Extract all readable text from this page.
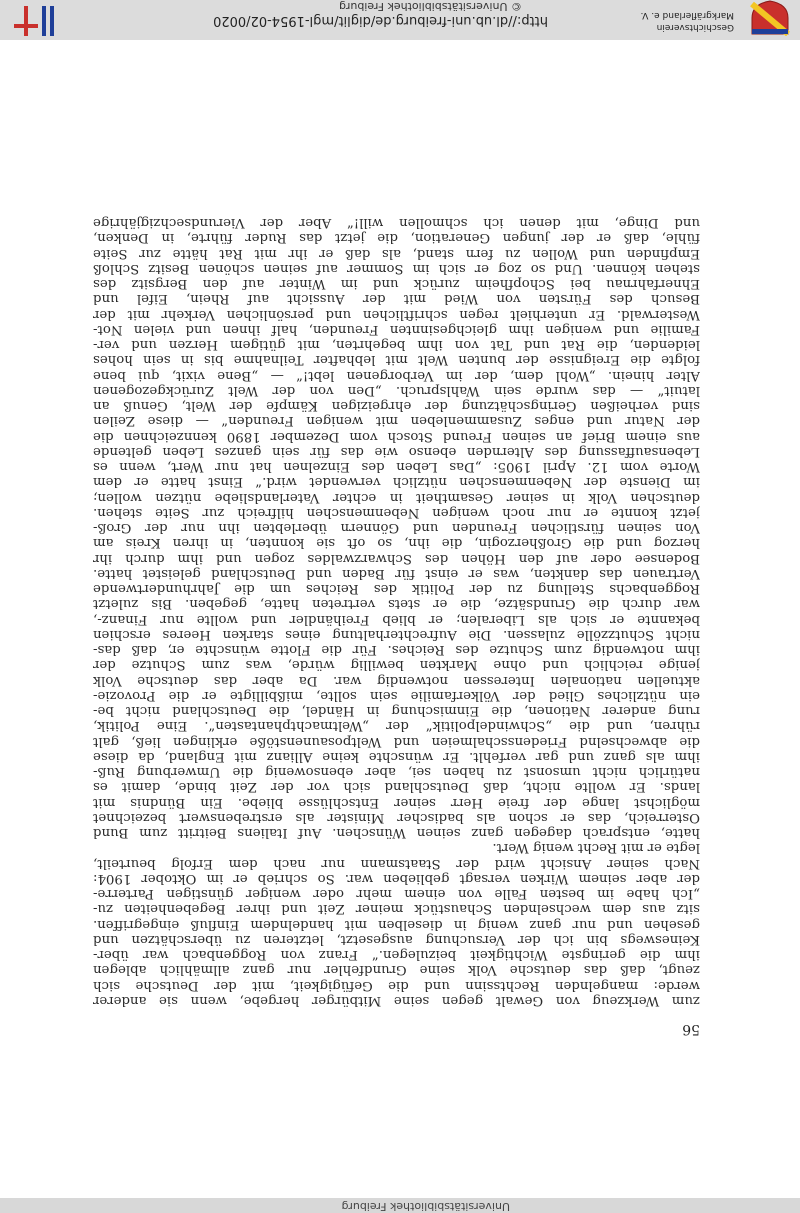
Universitätsbibliothek Freiburg
56
zum Werkzeug von Gewalt gegen seine Mitbürger hergebe, wenn sie anderer
werde: mangelnden Rechtssinn und die Gefügigkeit, mit der Deutsche sich
zeugt, daß das deutsche Volk seine Grundfehler nur ganz allmählich ablegen
ihm die geringste Wichtigkeit beizulegen.“ Franz von Roggenbach war über-
Keineswegs bin ich der Versuchung ausgesetzt, letzteren zu überschätzen und
gesehen und nur ganz wenig in dieselben mit handelndem Einfluß eingegriffen.
sitz aus dem wechselnden Schaustück meiner Zeit und ihrer Begebenheiten zu-
„Ich habe im besten Falle von einem mehr oder weniger günstigen Parterre-
der aber seinem Wirken versagt geblieben war. So schrieb er im Oktober 1904:
Nach seiner Ansicht wird der Staatsmann nur nach dem Erfolg beurteilt,
legte er mit Recht wenig Wert.
hatte, entsprach dagegen ganz seinen Wünschen. Auf Italiens Beitritt zum Bund
Österreich, das er schon als badischer Minister als erstrebenswert bezeichnet
möglichst lange der freie Herr seiner Entschlüsse bliebe. Ein Bündnis mit
lands. Er wollte nicht, daß Deutschland sich vor der Zeit binde, damit es
natürlich nicht umsonst zu haben sei, aber ebensowenig die Umwerbung Ruß-
ihm als ganz und gar verfehlt. Er wünschte keine Allianz mit England, da diese
die abwechselnd Friedensschalmeien und Weltposaunenstöße erklingen ließ, galt
rühren, und die „Schwindelpolitik“ der „Weltmachtphantasten“. Eine Politik,
rung anderer Nationen, die Einmischung in Händel, die Deutschland nicht be-
ein nützliches Glied der Völkerfamilie sein sollte, mißbilligte er die Provozie-
aktuellen nationalen Interessen notwendig war. Da aber das deutsche Volk
jenige reichlich und ohne Markten bewillig würde, was zum Schutze der
ihm notwendig zum Schutze des Reiches. Für die Flotte wünschte er, daß das-
nicht Schutzzölle zulassen. Die Aufrechterhaltung eines starken Heeres erschien
bekannte er sich als Liberalen; er blieb Freihändler und wollte nur Finanz-,
war durch die Grundsätze, die er stets vertreten hatte, gegeben. Bis zuletzt
Roggenbachs Stellung zu der Politik des Reiches um die Jahrhundertwende
Vertrauen das dankten, was er einst für Baden und Deutschland geleistet hatte.
Bodensee oder auf den Höhen des Schwarzwaldes zogen und ihm durch ihr
herzog und die Großherzogin, die ihn, so oft sie konnten, in ihren Kreis am
Von seinen fürstlichen Freunden und Gönnern überlebten ihn nur der Groß-
jetzt konnte er nur noch wenigen Nebenmenschen hilfreich zur Seite stehen.
deutschen Volk in seiner Gesamtheit in echter Vaterlandsliebe nützen wollen;
im Dienste der Nebenmenschen nützlich verwendet wird.“ Einst hatte er dem
Worte vom 12. April 1905: „Das Leben des Einzelnen hat nur Wert, wenn es
Lebensauffassung des Alternden ebenso wie das für sein ganzes Leben geltende
aus einem Brief an seinen Freund Stosch vom Dezember 1890 kennzeichnen die
der Natur und enges Zusammenleben mit wenigen Freunden“ — diese Zeilen
sind verheißen Geringschätzung der ehrgeizigen Kämpfe der Welt, Genuß an
latuit“ — das wurde sein Wahlspruch. „Den von der Welt Zurückgezogenen
Alter hinein. „Wohl dem, der im Verborgenen lebt!“ — „Bene vixit, qui bene
folgte die Ereignisse der bunten Welt mit lebhafter Teilnahme bis in sein hohes
leidenden, die Rat und Tat von ihm begehrten, mit gütigem Herzen und ver-
Familie und wenigen ihm gleichgesinnten Freunden, half ihnen und vielen Not-
Westerwald. Er unterhielt regen schriftlichen und persönlichen Verkehr mit der
Besuch des Fürsten von Wied mit der Aussicht auf Rhein, Eifel und
Ehnerfahrnau bei Schopfheim zurück und im Winter auf den Bergsitz des
stehen können. Und so zog er sich im Sommer auf seinen schönen Besitz Schloß
Empfinden und Wollen zu fern stand, als daß er ihr mit Rat hätte zur Seite
fühle, daß er der jungen Generation, die jetzt das Ruder führte, in Denken,
und Dinge, mit denen ich schmollen will!“ Aber der Vierundsechzigjährige
http://dl.ub.uni-freiburg.de/diglit/mgl-1954-02/0020
© Universitätsbibliothek Freiburg
Geschichtsverein
Markgräflerland e. V.
